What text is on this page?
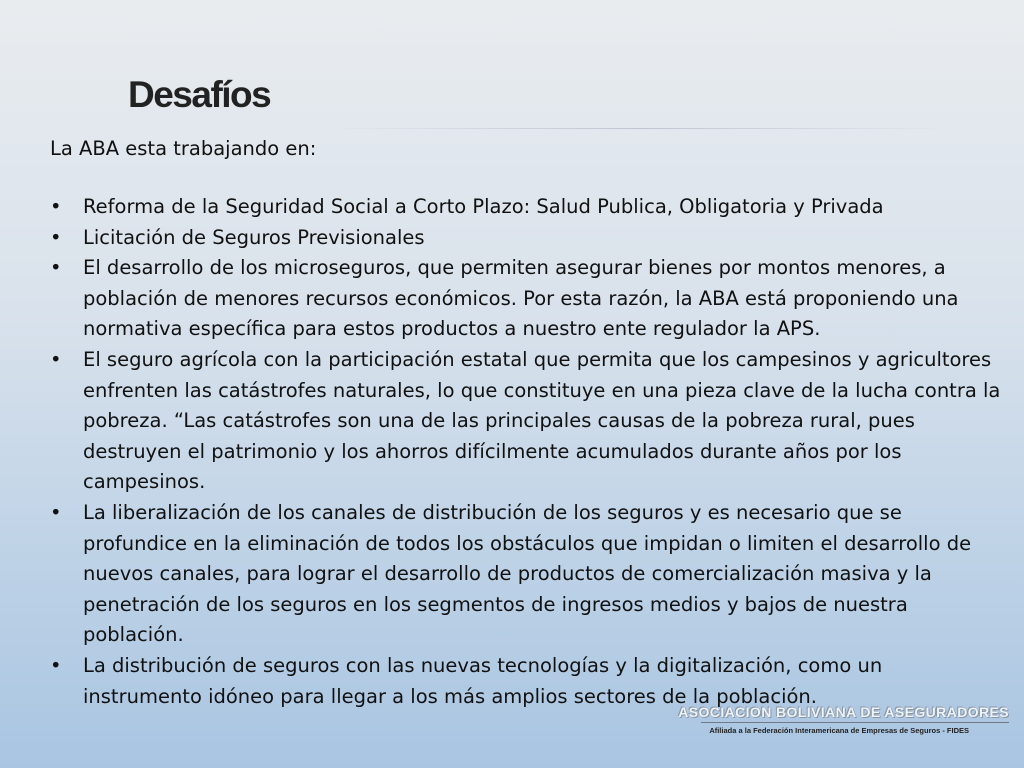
Desafíos
La ABA esta trabajando en:
•	Reforma de la Seguridad Social a Corto Plazo: Salud Publica, Obligatoria y Privada
•	Licitación de Seguros Previsionales
•	El desarrollo de los microseguros, que permiten asegurar bienes por montos menores, a población de menores recursos económicos. Por esta razón, la ABA está proponiendo una normativa específica para estos productos a nuestro ente regulador la APS.
•	El seguro agrícola con la participación estatal que permita que los campesinos y agricultores enfrenten las catástrofes naturales, lo que constituye en una pieza clave de la lucha contra la pobreza. “Las catástrofes son una de las principales causas de la pobreza rural, pues destruyen el patrimonio y los ahorros difícilmente acumulados durante años por los campesinos.
•	La liberalización de los canales de distribución de los seguros y es necesario que se profundice en la eliminación de todos los obstáculos que impidan o limiten el desarrollo de nuevos canales, para lograr el desarrollo de productos de comercialización masiva y la penetración de los seguros en los segmentos de ingresos medios y bajos de nuestra población.
•	La distribución de seguros con las nuevas tecnologías y la digitalización, como un instrumento idóneo para llegar a los más amplios sectores de la población.
ASOCIACION BOLIVIANA DE ASEGURADORES
Afiliada a la Federación Interamericana de Empresas de Seguros - FIDES
